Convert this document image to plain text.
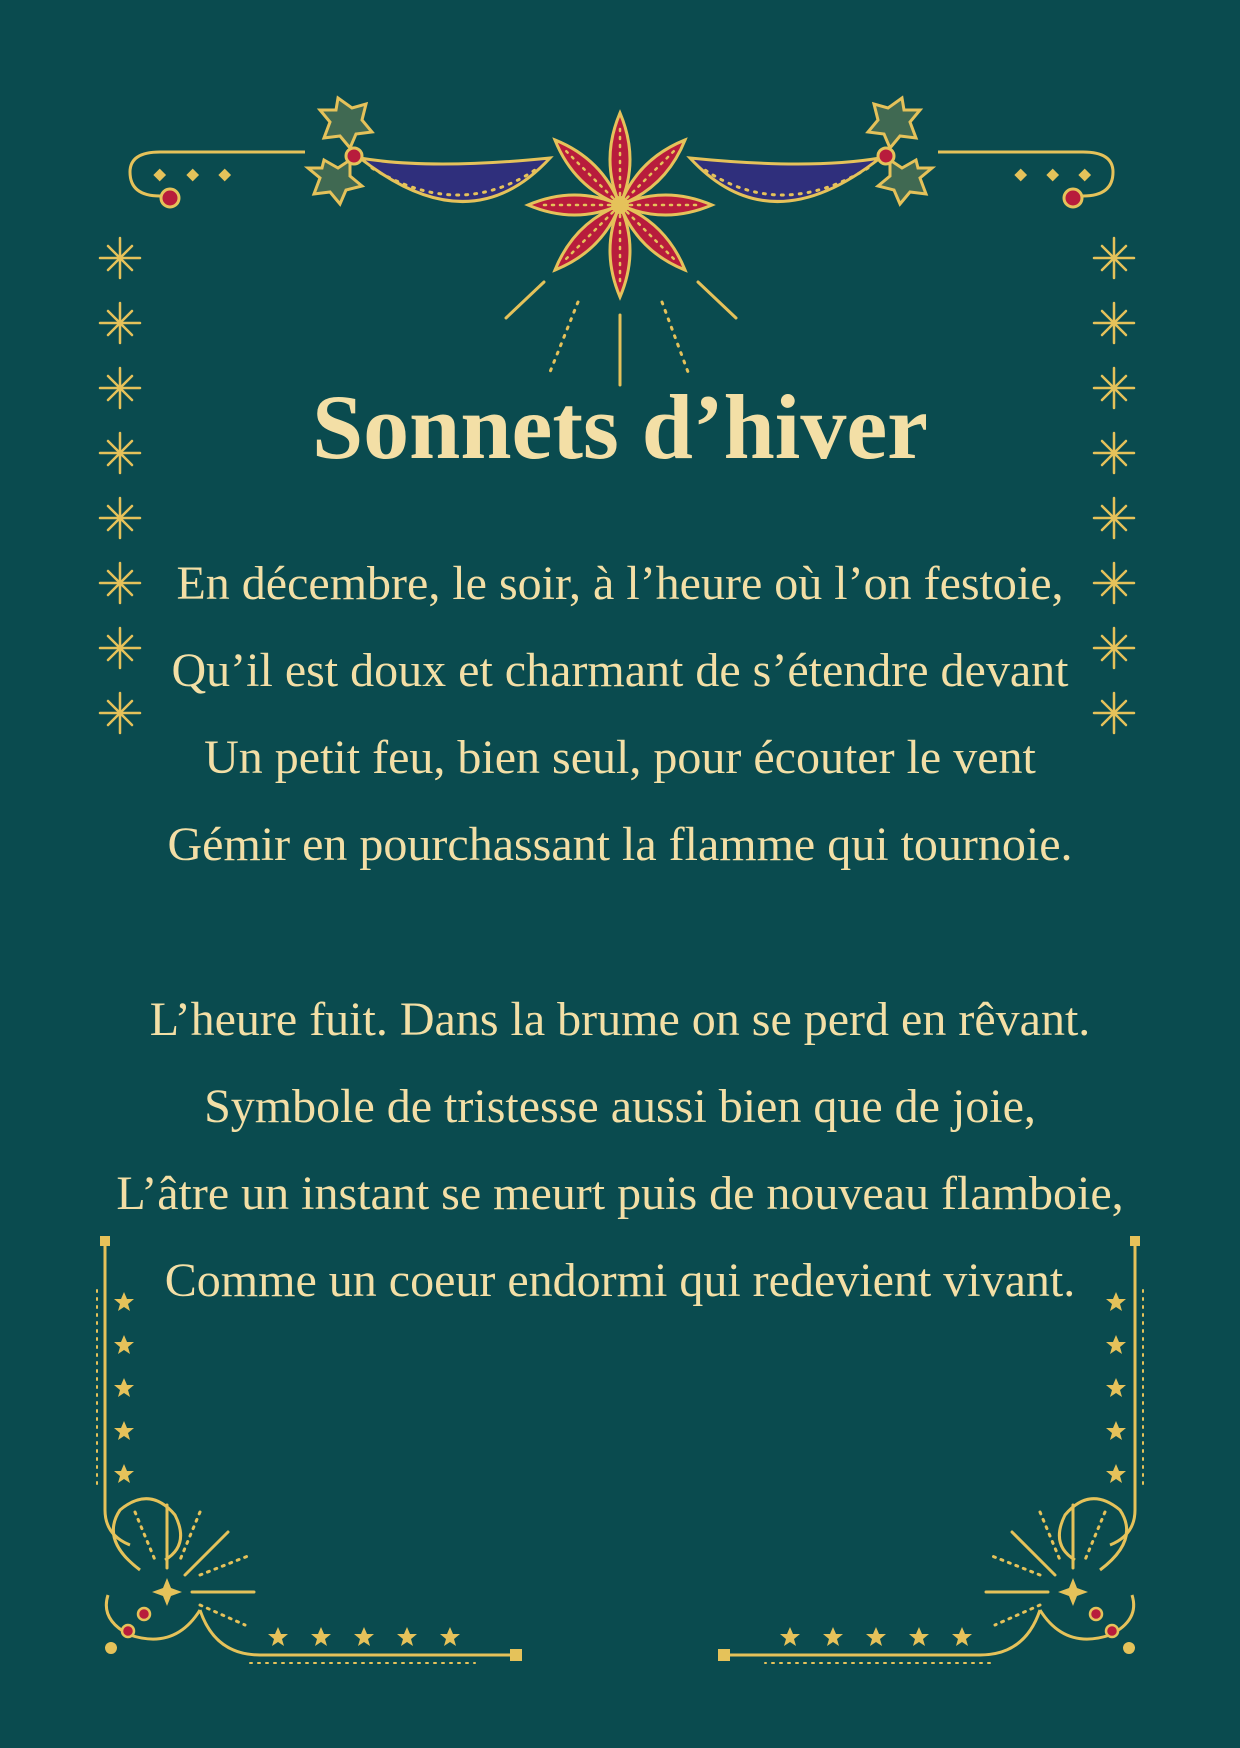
Sonnets d’hiver
En décembre, le soir, à l’heure où l’on festoie,
Qu’il est doux et charmant de s’étendre devant
Un petit feu, bien seul, pour écouter le vent
Gémir en pourchassant la flamme qui tournoie.
L’heure fuit. Dans la brume on se perd en rêvant.
Symbole de tristesse aussi bien que de joie,
L’âtre un instant se meurt puis de nouveau flamboie,
Comme un coeur endormi qui redevient vivant.
